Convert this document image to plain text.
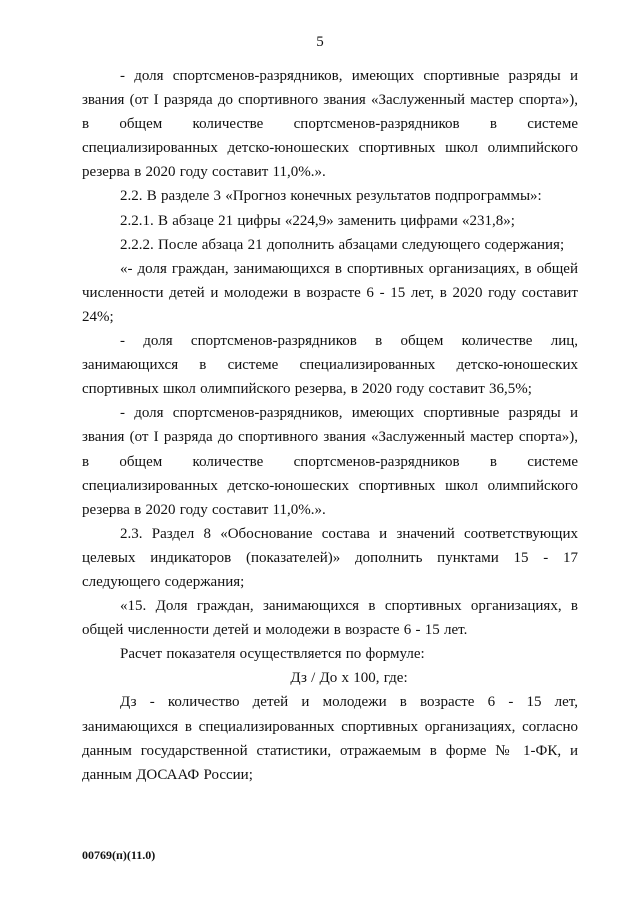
5

- доля спортсменов-разрядников, имеющих спортивные разряды и звания (от I разряда до спортивного звания «Заслуженный мастер спорта»), в общем количестве спортсменов-разрядников в системе специализированных детско-юношеских спортивных школ олимпийского резерва в 2020 году составит 11,0%.».

2.2. В разделе 3 «Прогноз конечных результатов подпрограммы»:

2.2.1. В абзаце 21 цифры «224,9» заменить цифрами «231,8»;

2.2.2. После абзаца 21 дополнить абзацами следующего содержания;

«- доля граждан, занимающихся в спортивных организациях, в общей численности детей и молодежи в возрасте 6 - 15 лет, в 2020 году составит 24%;

- доля спортсменов-разрядников в общем количестве лиц, занимающихся в системе специализированных детско-юношеских спортивных школ олимпийского резерва, в 2020 году составит 36,5%;

- доля спортсменов-разрядников, имеющих спортивные разряды и звания (от I разряда до спортивного звания «Заслуженный мастер спорта»), в общем количестве спортсменов-разрядников в системе специализированных детско-юношеских спортивных школ олимпийского резерва в 2020 году составит 11,0%.».

2.3. Раздел 8 «Обоснование состава и значений соответствующих целевых индикаторов (показателей)» дополнить пунктами 15 - 17 следующего содержания;

«15. Доля граждан, занимающихся в спортивных организациях, в общей численности детей и молодежи в возрасте 6 - 15 лет.

Расчет показателя осуществляется по формуле:

Дз / До х 100, где:

Дз - количество детей и молодежи в возрасте 6 - 15 лет, занимающихся в специализированных спортивных организациях, согласно данным государственной статистики, отражаемым в форме № 1-ФК, и данным ДОСААФ России;

00769(п)(11.0)
